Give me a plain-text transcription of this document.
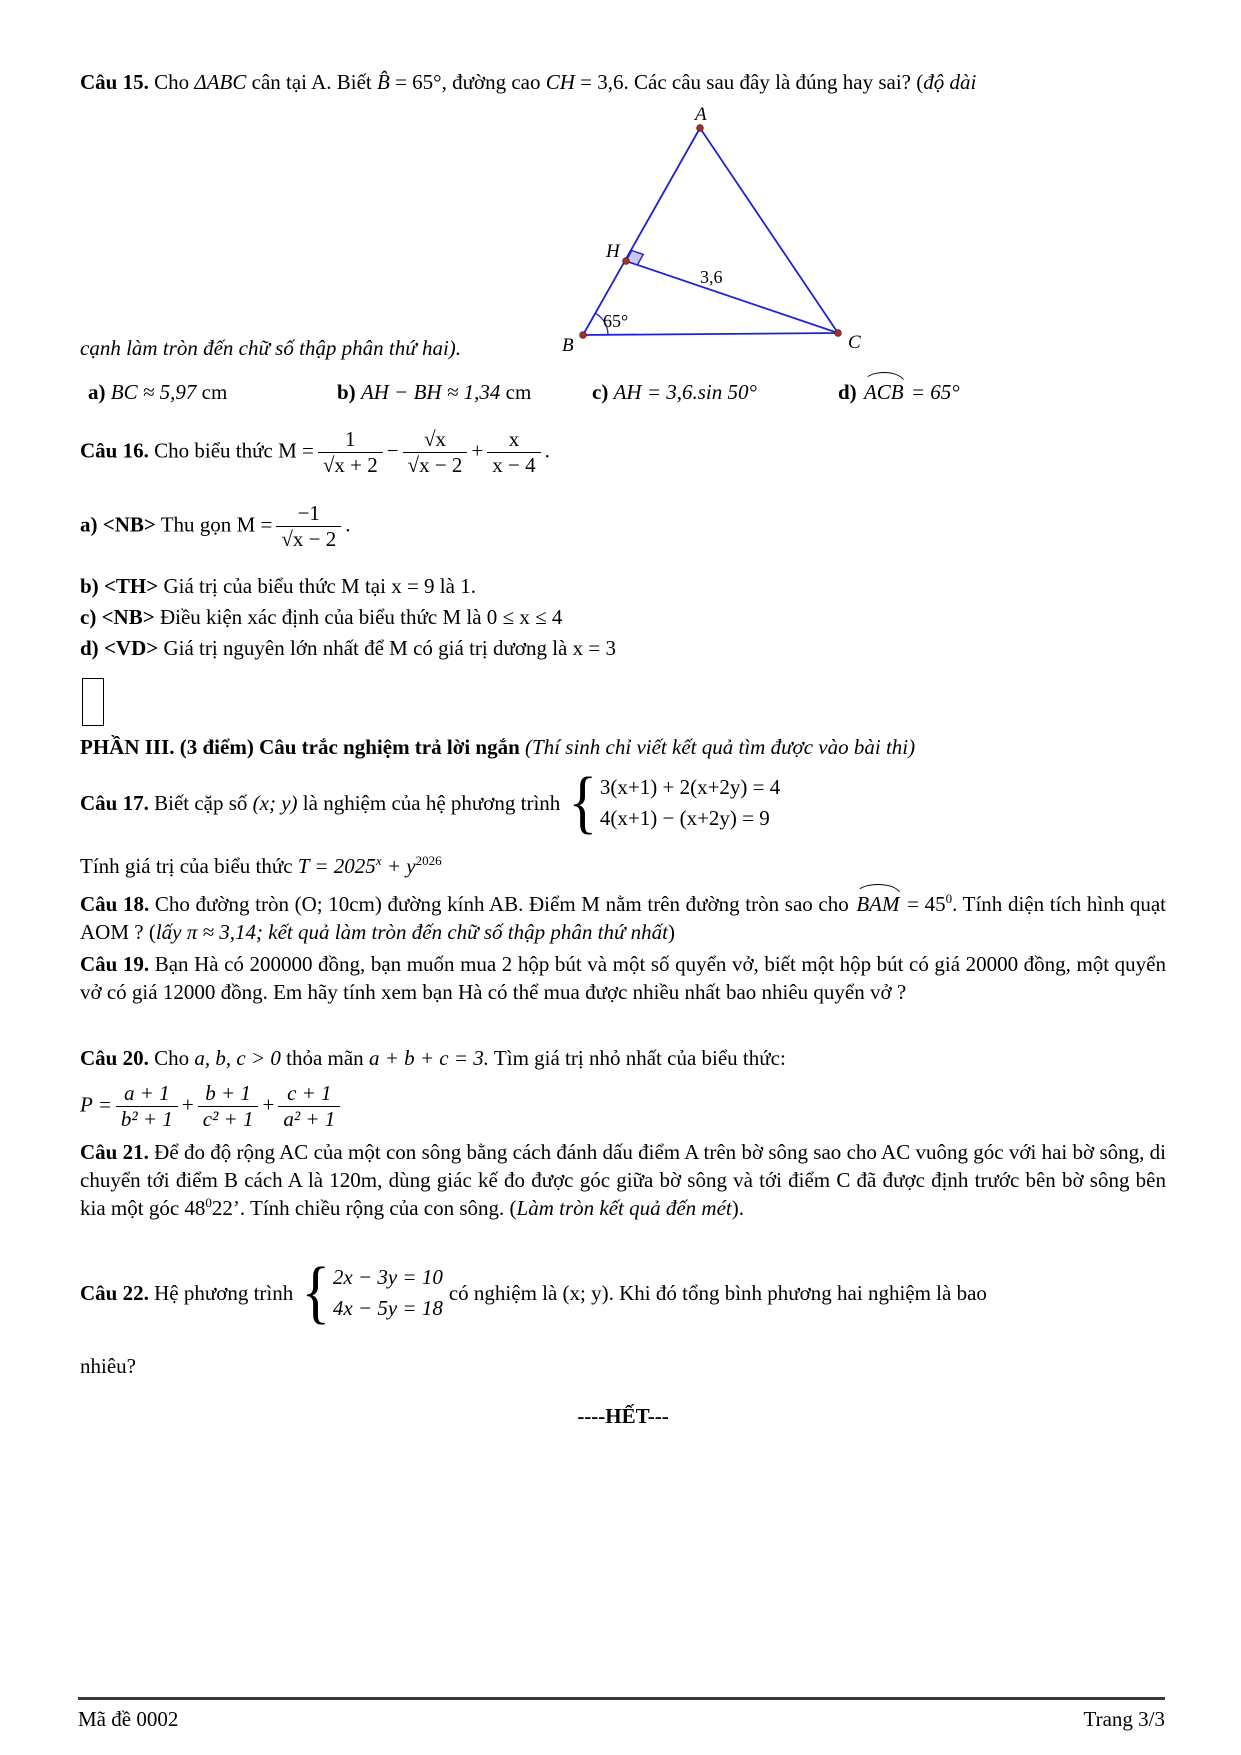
Câu 15. Cho ΔABC cân tại A. Biết B̂ = 65°, đường cao CH = 3,6. Các câu sau đây là đúng hay sai? (độ dài

A
B	C
H
3,6
65°

cạnh làm tròn đến chữ số thập phân thứ hai).

a) BC ≈ 5,97 cm	b) AH − BH ≈ 1,34 cm	c) AH = 3,6.sin 50°	d) ACB = 65°

Câu 16. Cho biểu thức $M = \frac{1}{√x + 2} - \frac{√x}{√x - 2} + \frac{x}{x - 4}$ .

a) <NB> Thu gọn $M = \frac{-1}{√x - 2}$ .

b) <TH> Giá trị của biểu thức M tại x = 9 là 1.

c) <NB> Điều kiện xác định của biểu thức M là 0 ≤ x ≤ 4

d) <VD> Giá trị nguyên lớn nhất để M có giá trị dương là x = 3

PHẦN III. (3 điểm) Câu trắc nghiệm trả lời ngắn (Thí sinh chỉ viết kết quả tìm được vào bài thi)

Câu 17. Biết cặp số (x; y) là nghiệm của hệ phương trình { 3(x+1) + 2(x+2y) = 4
4(x+1) − (x+2y) = 9

Tính giá trị của biểu thức $T = 2025^x + y^{2026}$

Câu 18. Cho đường tròn (O; 10cm) đường kính AB. Điểm M nằm trên đường tròn sao cho BAM = $45^0$. Tính diện tích hình quạt AOM ? (lấy π ≈ 3,14; kết quả làm tròn đến chữ số thập phân thứ nhất)

Câu 19. Bạn Hà có 200000 đồng, bạn muốn mua 2 hộp bút và một số quyển vở, biết một hộp bút có giá 20000 đồng, một quyển vở có giá 12000 đồng. Em hãy tính xem bạn Hà có thể mua được nhiều nhất bao nhiêu quyển vở ?

Câu 20. Cho a, b, c > 0 thỏa mãn a + b + c = 3. Tìm giá trị nhỏ nhất của biểu thức:

$P = \frac{a + 1}{\text{b² + 1}} + \frac{b + 1}{\text{c² + 1}} + \frac{c + 1}{\text{a² + 1}}$

Câu 21. Để đo độ rộng AC của một con sông bằng cách đánh dấu điểm A trên bờ sông sao cho AC vuông góc với hai bờ sông, di chuyển tới điểm B cách A là 120m, dùng giác kế đo được góc giữa bờ sông và tới điểm C đã được định trước bên bờ sông bên kia một góc $48^022$’. Tính chiều rộng của con sông. (Làm tròn kết quả đến mét).

Câu 22. Hệ phương trình { 2x − 3y = 10
4x − 5y = 18
có nghiệm là (x; y). Khi đó tổng bình phương hai nghiệm là bao

nhiêu?

----HẾT---

Mã đề 0002	Trang 3/3
